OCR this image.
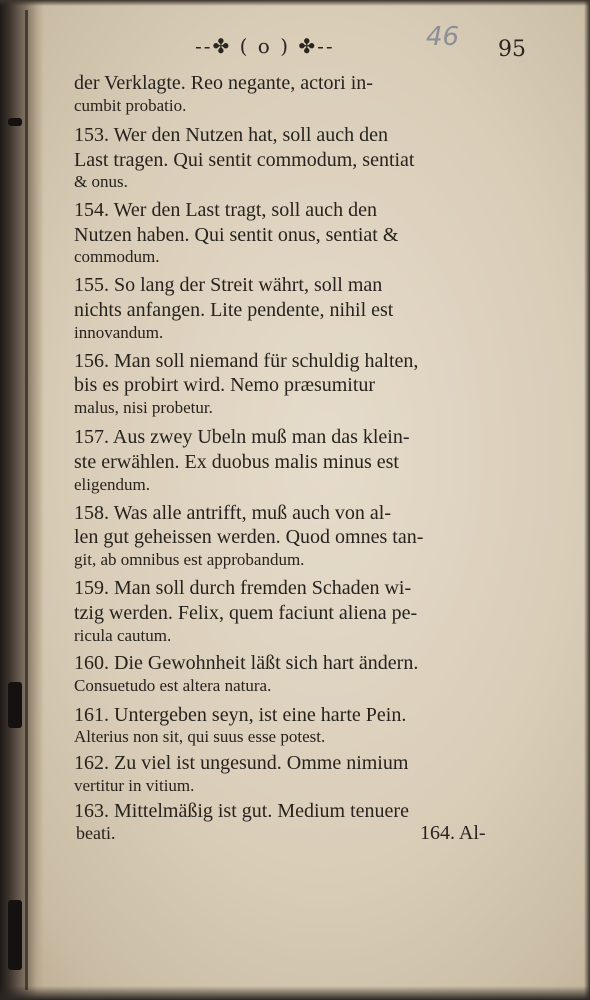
--✤ ( o ) ✤--	46 95
der Verklagte. Reo negante, actori in-
cumbit probatio.
153. Wer den Nutzen hat, soll auch den
Last tragen. Qui sentit commodum, sentiat
& onus.
154. Wer den Last tragt, soll auch den
Nutzen haben. Qui sentit onus, sentiat &
commodum.
155. So lang der Streit währt, soll man
nichts anfangen. Lite pendente, nihil est
innovandum.
156. Man soll niemand für schuldig halten,
bis es probirt wird. Nemo præsumitur
malus, nisi probetur.
157. Aus zwey Ubeln muß man das klein-
ste erwählen. Ex duobus malis minus est
eligendum.
158. Was alle antrifft, muß auch von al-
len gut geheissen werden. Quod omnes tan-
git, ab omnibus est approbandum.
159. Man soll durch fremden Schaden wi-
tzig werden. Felix, quem faciunt aliena pe-
ricula cautum.
160. Die Gewohnheit läßt sich hart ändern.
Consuetudo est altera natura.
161. Untergeben seyn, ist eine harte Pein.
Alterius non sit, qui suus esse potest.
162. Zu viel ist ungesund. Omme nimium
vertitur in vitium.
163. Mittelmäßig ist gut. Medium tenuere
beati.	164. Al-
